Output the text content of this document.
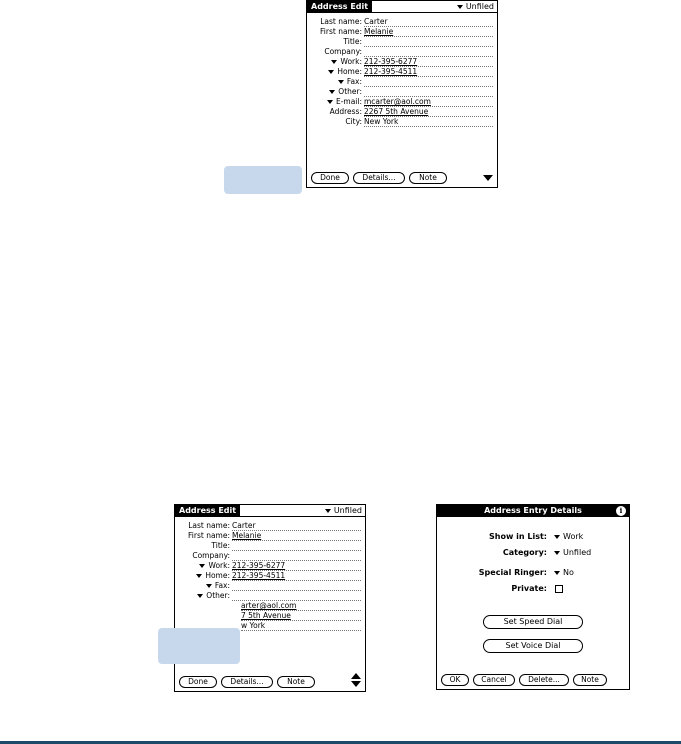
Address Edit	Unfiled
Last name: Carter
First name: Melanie
Title:
Company:
Work: 212-395-6277
Home: 212-395-4511
Fax:
Other:
E-mail: mcarter@aol.com
Address: 2267 5th Avenue
City: New York
Done	Details...	Note
Address Edit	Unfiled
Last name: Carter
First name: Melanie
Title:
Company:
Work: 212-395-6277
Home: 212-395-4511
Fax:
Other:
arter@aol.com
7 5th Avenue
w York
Done	Details...	Note
Address Entry Details	i
Show in List:	Work
Category:	Unfiled
Special Ringer:	No
Private:
Set Speed Dial
Set Voice Dial
OK	Cancel	Delete...	Note
